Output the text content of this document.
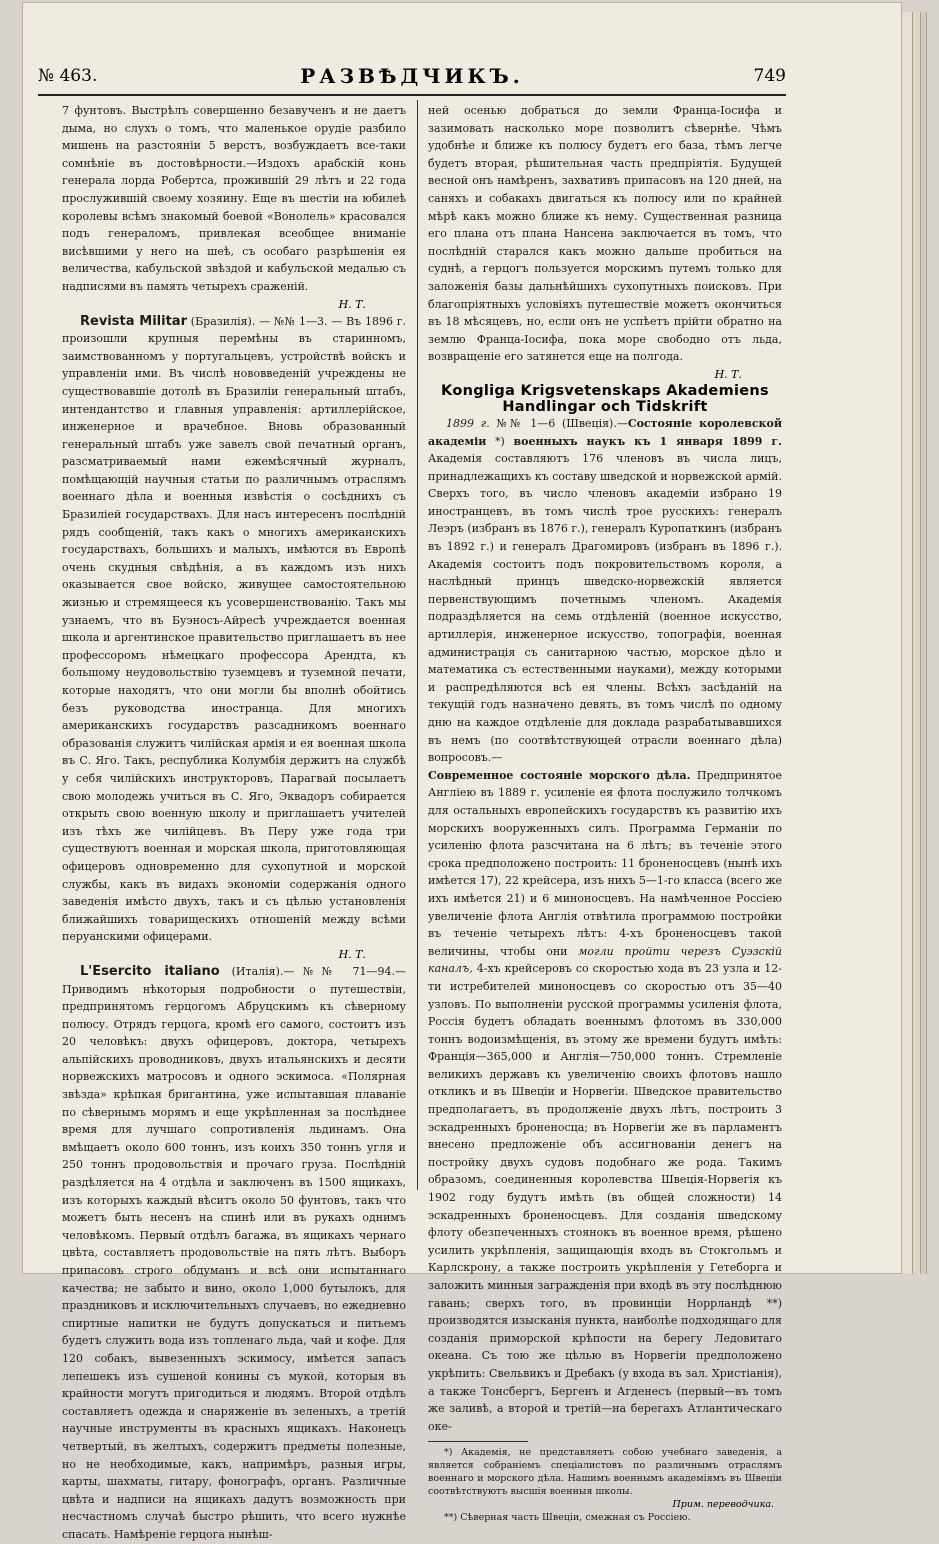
№ 463.	РАЗВѢДЧИКЪ.	749

7 фунтовъ. Выстрѣлъ совершенно безавученъ и не даетъ дыма, но слухъ о томъ, что маленькое орудіе разбило мишень на разстояніи 5 верстъ, возбуждаетъ все-таки сомнѣніе въ достовѣрности.—Издохъ арабскій конь генерала лорда Робертса, прожившій 29 лѣтъ и 22 года прослужившій своему хозяину. Еще въ шестіи на юбилеѣ королевы всѣмъ знакомый боевой «Вонолель» красовался подъ генераломъ, привлекая всеобщее вниманіе висѣвшими у него на шеѣ, съ особаго разрѣшенія ея величества, кабульской звѣздой и кабульской медалью съ надписями въ память четырехъ сраженій.

Н. Т.

Revista Militar (Бразилія). — №№ 1—3. — Въ 1896 г. произошли крупныя перемѣны въ старинномъ, заимствованномъ у португальцевъ, устройствѣ войскъ и управленіи ими. Въ числѣ нововведеній учреждены не существовавшіе дотолѣ въ Бразиліи генеральный штабъ, интендантство и главныя управленія: артиллерійское, инженерное и врачебное. Вновь образованный генеральный штабъ уже завелъ свой печатный органъ, разсматриваемый нами ежемѣсячный журналъ, помѣщающій научныя статьи по различнымъ отраслямъ военнаго дѣла и военныя извѣстія о сосѣднихъ съ Бразиліей государствахъ. Для насъ интересенъ послѣдній рядъ сообщеній, такъ какъ о многихъ американскихъ государствахъ, большихъ и малыхъ, имѣются въ Европѣ очень скудныя свѣдѣнія, а въ каждомъ изъ нихъ оказывается свое войско, живущее самостоятельною жизнью и стремящееся къ усовершенствованію. Такъ мы узнаемъ, что въ Буэносъ-Айресѣ учреждается военная школа и аргентинское правительство приглашаетъ въ нее профессоромъ нѣмецкаго профессора Арендта, къ большому неудовольствію туземцевъ и туземной печати, которые находятъ, что они могли бы вполнѣ обойтись безъ руководства иностранца. Для многихъ американскихъ государствъ разсадникомъ военнаго образованія служитъ чилійская армія и ея военная школа въ С. Яго. Такъ, республика Колумбія держитъ на службѣ у себя чилійскихъ инструкторовъ, Парагвай посылаетъ свою молодежь учиться въ С. Яго, Эквадоръ собирается открыть свою военную школу и приглашаетъ учителей изъ тѣхъ же чилійцевъ. Въ Перу уже года три существуютъ военная и морская школа, приготовляющая офицеровъ одновременно для сухопутной и морской службы, какъ въ видахъ экономіи содержанія одного заведенія имѣсто двухъ, такъ и съ цѣлью установленія ближайшихъ товарищескихъ отношеній между всѣми перуанскими офицерами.

Н. Т.

L'Esercito italiano (Италія).—№№ 71—94.— Приводимъ нѣкоторыя подробности о путешествіи, предпринятомъ герцогомъ Абруцскимъ къ сѣверному полюсу. Отрядъ герцога, кромѣ его самого, состоитъ изъ 20 человѣкъ: двухъ офицеровъ, доктора, четырехъ альпійскихъ проводниковъ, двухъ итальянскихъ и десяти норвежскихъ матросовъ и одного эскимоса. «Полярная звѣзда» крѣпкая бригантина, уже испытавшая плаваніе по сѣвернымъ морямъ и еще укрѣпленная за послѣднее время для лучшаго сопротивленія льдинамъ. Она вмѣщаетъ около 600 тоннъ, изъ коихъ 350 тоннъ угля и 250 тоннъ продовольствія и прочаго груза. Послѣдній раздѣляется на 4 отдѣла и заключенъ въ 1500 ящикахъ, изъ которыхъ каждый вѣситъ около 50 фунтовъ, такъ что можетъ быть несенъ на спинѣ или въ рукахъ однимъ человѣкомъ. Первый отдѣлъ багажа, въ ящикахъ чернаго цвѣта, составляетъ продовольствіе на пять лѣтъ. Выборъ припасовъ строго обдуманъ и всѣ они испытаннаго качества; не забыто и вино, около 1,000 бутылокъ, для праздниковъ и исключительныхъ случаевъ, но ежедневно спиртные напитки не будутъ допускаться и питьемъ будетъ служить вода изъ топленаго льда, чай и кофе. Для 120 собакъ, вывезенныхъ эскимосу, имѣется запасъ лепешекъ изъ сушеной конины съ мукой, которыя въ крайности могутъ пригодиться и людямъ. Второй отдѣлъ составляетъ одежда и снаряженіе въ зеленыхъ, а третій научные инструменты въ красныхъ ящикахъ. Наконецъ четвертый, въ желтыхъ, содержитъ предметы полезные, но не необходимые, какъ, напримѣръ, разныя игры, карты, шахматы, гитару, фонографъ, органъ. Различные цвѣта и надписи на ящикахъ дадутъ возможность при несчастномъ случаѣ быстро рѣшить, что всего нужнѣе спасать. Намѣреніе герцога нынѣш-

ней осенью добраться до земли Франца-Іосифа и зазимовать насколько море позволитъ сѣвернѣе. Чѣмъ удобнѣе и ближе къ полюсу будетъ его база, тѣмъ легче будетъ вторая, рѣшительная часть предпріятія. Будущей весной онъ намѣренъ, захвативъ припасовъ на 120 дней, на саняхъ и собакахъ двигаться къ полюсу или по крайней мѣрѣ какъ можно ближе къ нему. Существенная разница его плана отъ плана Нансена заключается въ томъ, что послѣдній старался какъ можно дальше пробиться на суднѣ, а герцогъ пользуется морскимъ путемъ только для заложенія базы дальнѣйшихъ сухопутныхъ поисковъ. При благопріятныхъ условіяхъ путешествіе можетъ окончиться въ 18 мѣсяцевъ, но, если онъ не успѣетъ прійти обратно на землю Франца-Іосифа, пока море свободно отъ льда, возвращеніе его затянется еще на полгода.

Н. Т.
Kongliga Krigsvetenskaps Akademiens Handlingar och Tidskrift

1899 г. №№ 1—6 (Швеція).—Состояніе королевской академіи *) военныхъ наукъ къ 1 января 1899 г. Академія составляютъ 176 членовъ въ числа лицъ, принадлежащихъ къ составу шведской и норвежской армій. Сверхъ того, въ число членовъ академіи избрано 19 иностранцевъ, въ томъ числѣ трое русскихъ: генералъ Леэръ (избранъ въ 1876 г.), генералъ Куропаткинъ (избранъ въ 1892 г.) и генералъ Драгомировъ (избранъ въ 1896 г.). Академія состоитъ подъ покровительствомъ короля, а наслѣдный принцъ шведско-норвежскій является первенствующимъ почетнымъ членомъ. Академія подраздѣляется на семь отдѣленій (военное искусство, артиллерія, инженерное искусство, топографія, военная администрація съ санитарною частью, морское дѣло и математика съ естественными науками), между которыми и распредѣляются всѣ ея члены. Всѣхъ засѣданій на текущій годъ назначено девять, въ томъ числѣ по одному дню на каждое отдѣленіе для доклада разрабатывавшихся въ немъ (по соотвѣтствующей отрасли военнаго дѣла) вопросовъ.—

Современное состояніе морского дѣла. Предпринятое Англіею въ 1889 г. усиленіе ея флота послужило толчкомъ для остальныхъ европейскихъ государствъ къ развитію ихъ морскихъ вооруженныхъ силъ. Программа Германіи по усиленію флота разсчитана на 6 лѣтъ; въ теченіе этого срока предположено построить: 11 броненосцевъ (нынѣ ихъ имѣется 17), 22 крейсера, изъ нихъ 5—1-го класса (всего же ихъ имѣется 21) и 6 миноносцевъ. На намѣченное Россіею увеличеніе флота Англія отвѣтила программою постройки въ теченіе четырехъ лѣтъ: 4-хъ броненосцевъ такой величины, чтобы они могли пройти черезъ Суэзскій каналъ, 4-хъ крейсеровъ со скоростью хода въ 23 узла и 12-ти истребителей миноносцевъ со скоростью отъ 35—40 узловъ. По выполненіи русской программы усиленія флота, Россія будетъ обладать военнымъ флотомъ въ 330,000 тоннъ водоизмѣщенія, въ этому же времени будутъ имѣть: Франція—365,000 и Англія—750,000 тоннъ. Стремленіе великихъ державъ къ увеличенію своихъ флотовъ нашло откликъ и въ Швеціи и Норвегіи. Шведское правительство предполагаетъ, въ продолженіе двухъ лѣтъ, построить 3 эскадренныхъ броненосца; въ Норвегіи же въ парламентъ внесено предложеніе объ ассигнованіи денегъ на постройку двухъ судовъ подобнаго же рода. Такимъ образомъ, соединенныя королевства Швеція-Норвегія къ 1902 году будутъ имѣть (въ общей сложности) 14 эскадренныхъ броненосцевъ. Для созданія шведскому флоту обезпеченныхъ стоянокъ въ военное время, рѣшено усилить укрѣпленія, защищающія входъ въ Стокгольмъ и Карлскрону, а также построить укрѣпленія у Гетеборга и заложить минныя загражденія при входѣ въ эту послѣднюю гавань; сверхъ того, въ провинціи Норрландѣ **) производятся изысканія пункта, наиболѣе подходящаго для созданія приморской крѣпости на берегу Ледовитаго океана. Съ тою же цѣлью въ Норвегіи предположено укрѣпить: Свельвикъ и Дребакъ (у входа въ зал. Христіанія), а также Тонсбергъ, Бергенъ и Агденесъ (первый—въ томъ же заливѣ, а второй и третій—на берегахъ Атлантическаго оке-

*) Академія, не представляетъ собою учебнаго заведенія, а является собраніемъ спеціалистовъ по различнымъ отраслямъ военнаго и морского дѣла. Нашимъ военнымъ академіямъ въ Швеціи соотвѣтствуютъ высшія военныя школы.

Прим. переводчика.

**) Сѣверная часть Швеціи, смежная съ Россіею.
